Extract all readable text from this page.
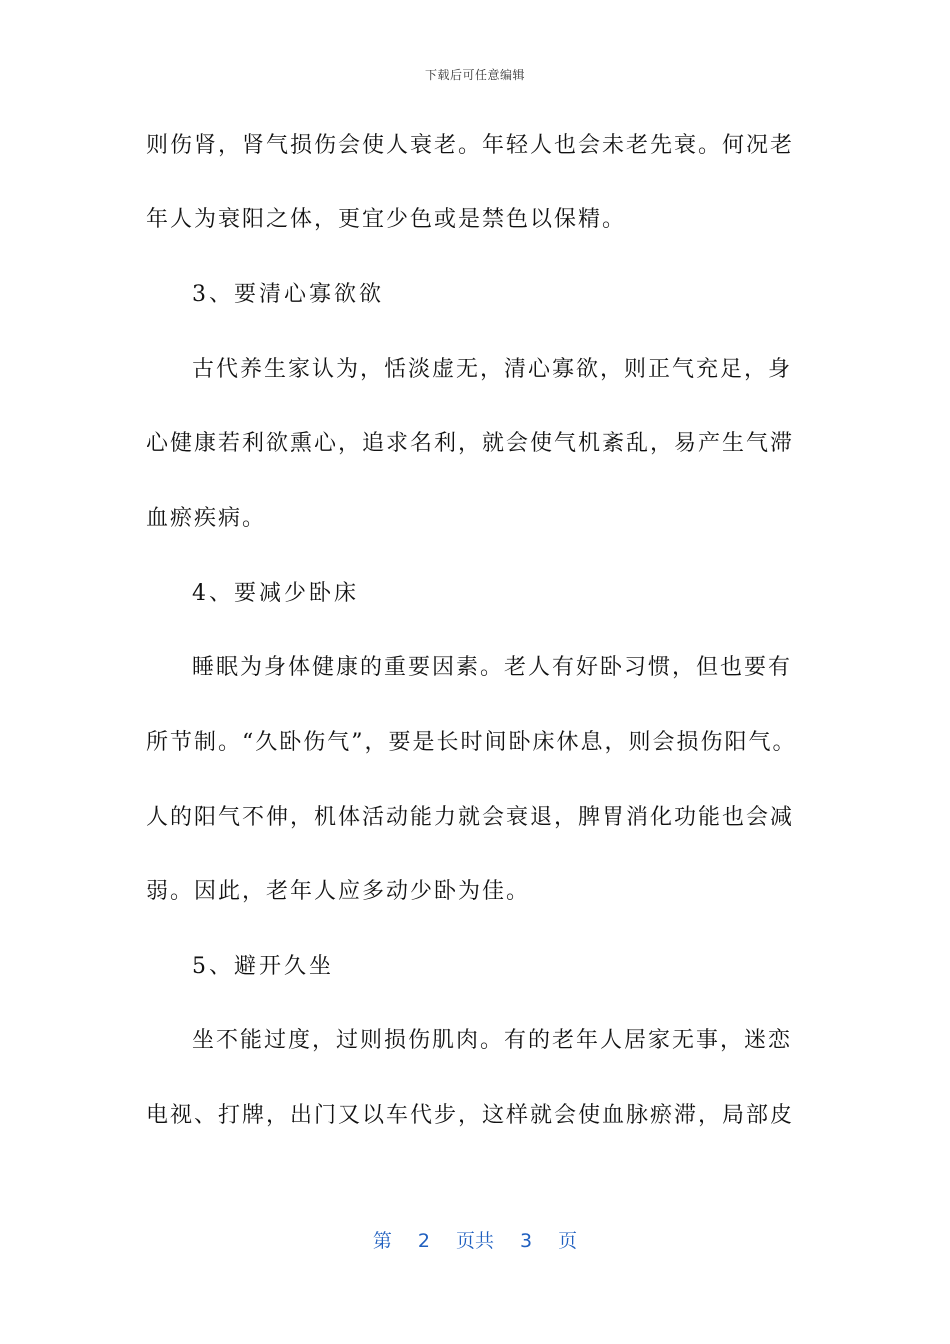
下载后可任意编辑
则伤肾，肾气损伤会使人衰老。年轻人也会未老先衰。何况老
年人为衰阳之体，更宜少色或是禁色以保精。
3、要清心寡欲欲
古代养生家认为，恬淡虚无，清心寡欲，则正气充足，身
心健康若利欲熏心，追求名利，就会使气机紊乱，易产生气滞
血瘀疾病。
4、要减少卧床
睡眠为身体健康的重要因素。老人有好卧习惯，但也要有
所节制。“久卧伤气”，要是长时间卧床休息，则会损伤阳气。
人的阳气不伸，机体活动能力就会衰退，脾胃消化功能也会减
弱。因此，老年人应多动少卧为佳。
5、避开久坐
坐不能过度，过则损伤肌肉。有的老年人居家无事，迷恋
电视、打牌，出门又以车代步，这样就会使血脉瘀滞，局部皮
第 2 页共 3 页
